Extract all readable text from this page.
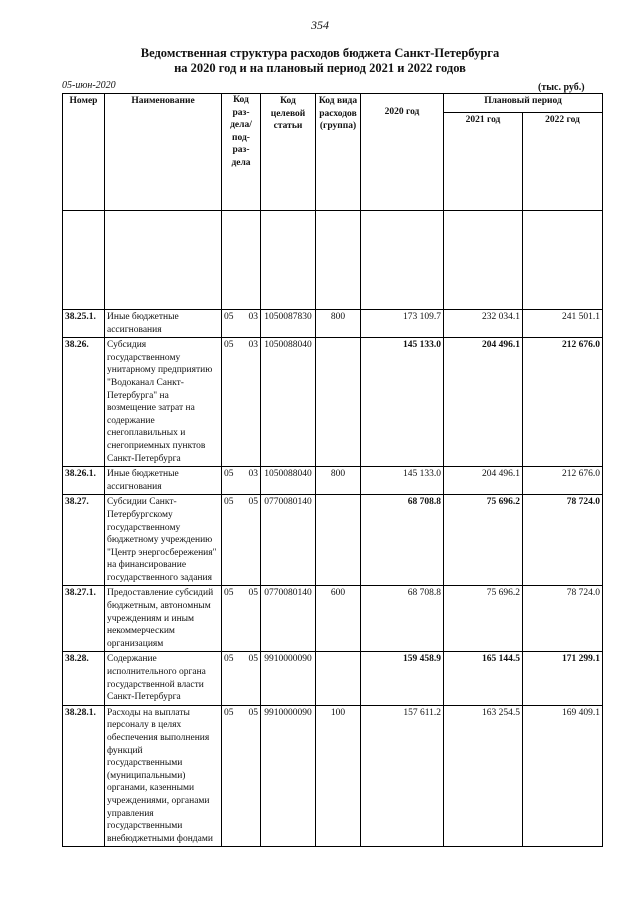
354
Ведомственная структура расходов бюджета Санкт-Петербурга
на 2020 год и на плановый период 2021 и 2022 годов
05-июн-2020	(тыс. руб.)
Номер	Наименование	Код раз- дела/ под- раз- дела		Код целевой статьи	Код вида расходов (группа)	2020 год	Плановый период	
							2021 год	2022 год

38.25.1.	Иные бюджетные ассигнования	05	03	1050087830	800	173 109.7	232 034.1	241 501.1
38.26.	Субсидия государственному унитарному предприятию "Водоканал Санкт-Петербурга" на возмещение затрат на содержание снегоплавильных и снегоприемных пунктов Санкт-Петербурга	05	03	1050088040		145 133.0	204 496.1	212 676.0
38.26.1.	Иные бюджетные ассигнования	05	03	1050088040	800	145 133.0	204 496.1	212 676.0
38.27.	Субсидии Санкт-Петербургскому государственному бюджетному учреждению "Центр энергосбережения" на финансирование государственного задания	05	05	0770080140		68 708.8	75 696.2	78 724.0
38.27.1.	Предоставление субсидий бюджетным, автономным учреждениям и иным некоммерческим организациям	05	05	0770080140	600	68 708.8	75 696.2	78 724.0
38.28.	Содержание исполнительного органа государственной власти Санкт-Петербурга	05	05	9910000090		159 458.9	165 144.5	171 299.1
38.28.1.	Расходы на выплаты персоналу в целях обеспечения выполнения функций государственными (муниципальными) органами, казенными учреждениями, органами управления государственными внебюджетными фондами	05	05	9910000090	100	157 611.2	163 254.5	169 409.1
